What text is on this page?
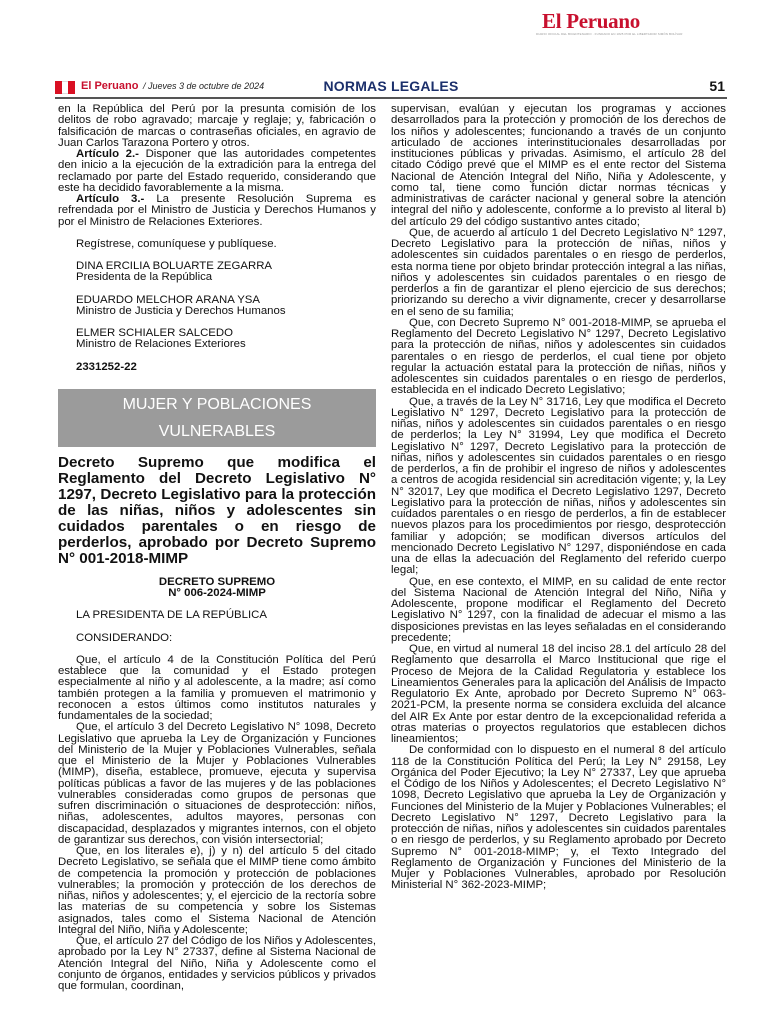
El Peruano
DIARIO OFICIAL DEL BICENTENARIO · FUNDADO EN 1825 POR EL LIBERTADOR SIMÓN BOLÍVAR
El Peruano / Jueves 3 de octubre de 2024	NORMAS LEGALES	51

en la República del Perú por la presunta comisión de los delitos de robo agravado; marcaje y reglaje; y, fabricación o falsificación de marcas o contraseñas oficiales, en agravio de Juan Carlos Tarazona Portero y otros.

Artículo 2.- Disponer que las autoridades competentes den inicio a la ejecución de la extradición para la entrega del reclamado por parte del Estado requerido, considerando que este ha decidido favorablemente a la misma.

Artículo 3.- La presente Resolución Suprema es refrendada por el Ministro de Justicia y Derechos Humanos y por el Ministro de Relaciones Exteriores.

Regístrese, comuníquese y publíquese.

DINA ERCILIA BOLUARTE ZEGARRA

Presidenta de la República

EDUARDO MELCHOR ARANA YSA

Ministro de Justicia y Derechos Humanos

ELMER SCHIALER SALCEDO

Ministro de Relaciones Exteriores

2331252-22

MUJER Y POBLACIONES
VULNERABLES

Decreto Supremo que modifica el Reglamento del Decreto Legislativo N° 1297, Decreto Legislativo para la protección de las niñas, niños y adolescentes sin cuidados parentales o en riesgo de perderlos, aprobado por Decreto Supremo N° 001-2018-MIMP

DECRETO SUPREMO

N° 006-2024-MIMP

LA PRESIDENTA DE LA REPÚBLICA

CONSIDERANDO:

Que, el artículo 4 de la Constitución Política del Perú establece que la comunidad y el Estado protegen especialmente al niño y al adolescente, a la madre; así como también protegen a la familia y promueven el matrimonio y reconocen a estos últimos como institutos naturales y fundamentales de la sociedad;

Que, el artículo 3 del Decreto Legislativo N° 1098, Decreto Legislativo que aprueba la Ley de Organización y Funciones del Ministerio de la Mujer y Poblaciones Vulnerables, señala que el Ministerio de la Mujer y Poblaciones Vulnerables (MIMP), diseña, establece, promueve, ejecuta y supervisa políticas públicas a favor de las mujeres y de las poblaciones vulnerables consideradas como grupos de personas que sufren discriminación o situaciones de desprotección: niños, niñas, adolescentes, adultos mayores, personas con discapacidad, desplazados y migrantes internos, con el objeto de garantizar sus derechos, con visión intersectorial;

Que, en los literales e), j) y n) del artículo 5 del citado Decreto Legislativo, se señala que el MIMP tiene como ámbito de competencia la promoción y protección de poblaciones vulnerables; la promoción y protección de los derechos de niñas, niños y adolescentes; y, el ejercicio de la rectoría sobre las materias de su competencia y sobre los Sistemas asignados, tales como el Sistema Nacional de Atención Integral del Niño, Niña y Adolescente;

Que, el artículo 27 del Código de los Niños y Adolescentes, aprobado por la Ley N° 27337, define al Sistema Nacional de Atención Integral del Niño, Niña y Adolescente como el conjunto de órganos, entidades y servicios públicos y privados que formulan, coordinan,

supervisan, evalúan y ejecutan los programas y acciones desarrollados para la protección y promoción de los derechos de los niños y adolescentes; funcionando a través de un conjunto articulado de acciones interinstitucionales desarrolladas por instituciones públicas y privadas. Asimismo, el artículo 28 del citado Código prevé que el MIMP es el ente rector del Sistema Nacional de Atención Integral del Niño, Niña y Adolescente, y como tal, tiene como función dictar normas técnicas y administrativas de carácter nacional y general sobre la atención integral del niño y adolescente, conforme a lo previsto al literal b) del artículo 29 del código sustantivo antes citado;

Que, de acuerdo al artículo 1 del Decreto Legislativo N° 1297, Decreto Legislativo para la protección de niñas, niños y adolescentes sin cuidados parentales o en riesgo de perderlos, esta norma tiene por objeto brindar protección integral a las niñas, niños y adolescentes sin cuidados parentales o en riesgo de perderlos a fin de garantizar el pleno ejercicio de sus derechos; priorizando su derecho a vivir dignamente, crecer y desarrollarse en el seno de su familia;

Que, con Decreto Supremo N° 001-2018-MIMP, se aprueba el Reglamento del Decreto Legislativo N° 1297, Decreto Legislativo para la protección de niñas, niños y adolescentes sin cuidados parentales o en riesgo de perderlos, el cual tiene por objeto regular la actuación estatal para la protección de niñas, niños y adolescentes sin cuidados parentales o en riesgo de perderlos, establecida en el indicado Decreto Legislativo;

Que, a través de la Ley N° 31716, Ley que modifica el Decreto Legislativo N° 1297, Decreto Legislativo para la protección de niñas, niños y adolescentes sin cuidados parentales o en riesgo de perderlos; la Ley N° 31994, Ley que modifica el Decreto Legislativo N° 1297, Decreto Legislativo para la protección de niñas, niños y adolescentes sin cuidados parentales o en riesgo de perderlos, a fin de prohibir el ingreso de niños y adolescentes a centros de acogida residencial sin acreditación vigente; y, la Ley N° 32017, Ley que modifica el Decreto Legislativo 1297, Decreto Legislativo para la protección de niñas, niños y adolescentes sin cuidados parentales o en riesgo de perderlos, a fin de establecer nuevos plazos para los procedimientos por riesgo, desprotección familiar y adopción; se modifican diversos artículos del mencionado Decreto Legislativo N° 1297, disponiéndose en cada una de ellas la adecuación del Reglamento del referido cuerpo legal;

Que, en ese contexto, el MIMP, en su calidad de ente rector del Sistema Nacional de Atención Integral del Niño, Niña y Adolescente, propone modificar el Reglamento del Decreto Legislativo N° 1297, con la finalidad de adecuar el mismo a las disposiciones previstas en las leyes señaladas en el considerando precedente;

Que, en virtud al numeral 18 del inciso 28.1 del artículo 28 del Reglamento que desarrolla el Marco Institucional que rige el Proceso de Mejora de la Calidad Regulatoria y establece los Lineamientos Generales para la aplicación del Análisis de Impacto Regulatorio Ex Ante, aprobado por Decreto Supremo N° 063-2021-PCM, la presente norma se considera excluida del alcance del AIR Ex Ante por estar dentro de la excepcionalidad referida a otras materias o proyectos regulatorios que establecen dichos lineamientos;

De conformidad con lo dispuesto en el numeral 8 del artículo 118 de la Constitución Política del Perú; la Ley N° 29158, Ley Orgánica del Poder Ejecutivo; la Ley N° 27337, Ley que aprueba el Código de los Niños y Adolescentes; el Decreto Legislativo N° 1098, Decreto Legislativo que aprueba la Ley de Organización y Funciones del Ministerio de la Mujer y Poblaciones Vulnerables; el Decreto Legislativo N° 1297, Decreto Legislativo para la protección de niñas, niños y adolescentes sin cuidados parentales o en riesgo de perderlos, y su Reglamento aprobado por Decreto Supremo N° 001-2018-MIMP; y, el Texto Integrado del Reglamento de Organización y Funciones del Ministerio de la Mujer y Poblaciones Vulnerables, aprobado por Resolución Ministerial N° 362-2023-MIMP;
